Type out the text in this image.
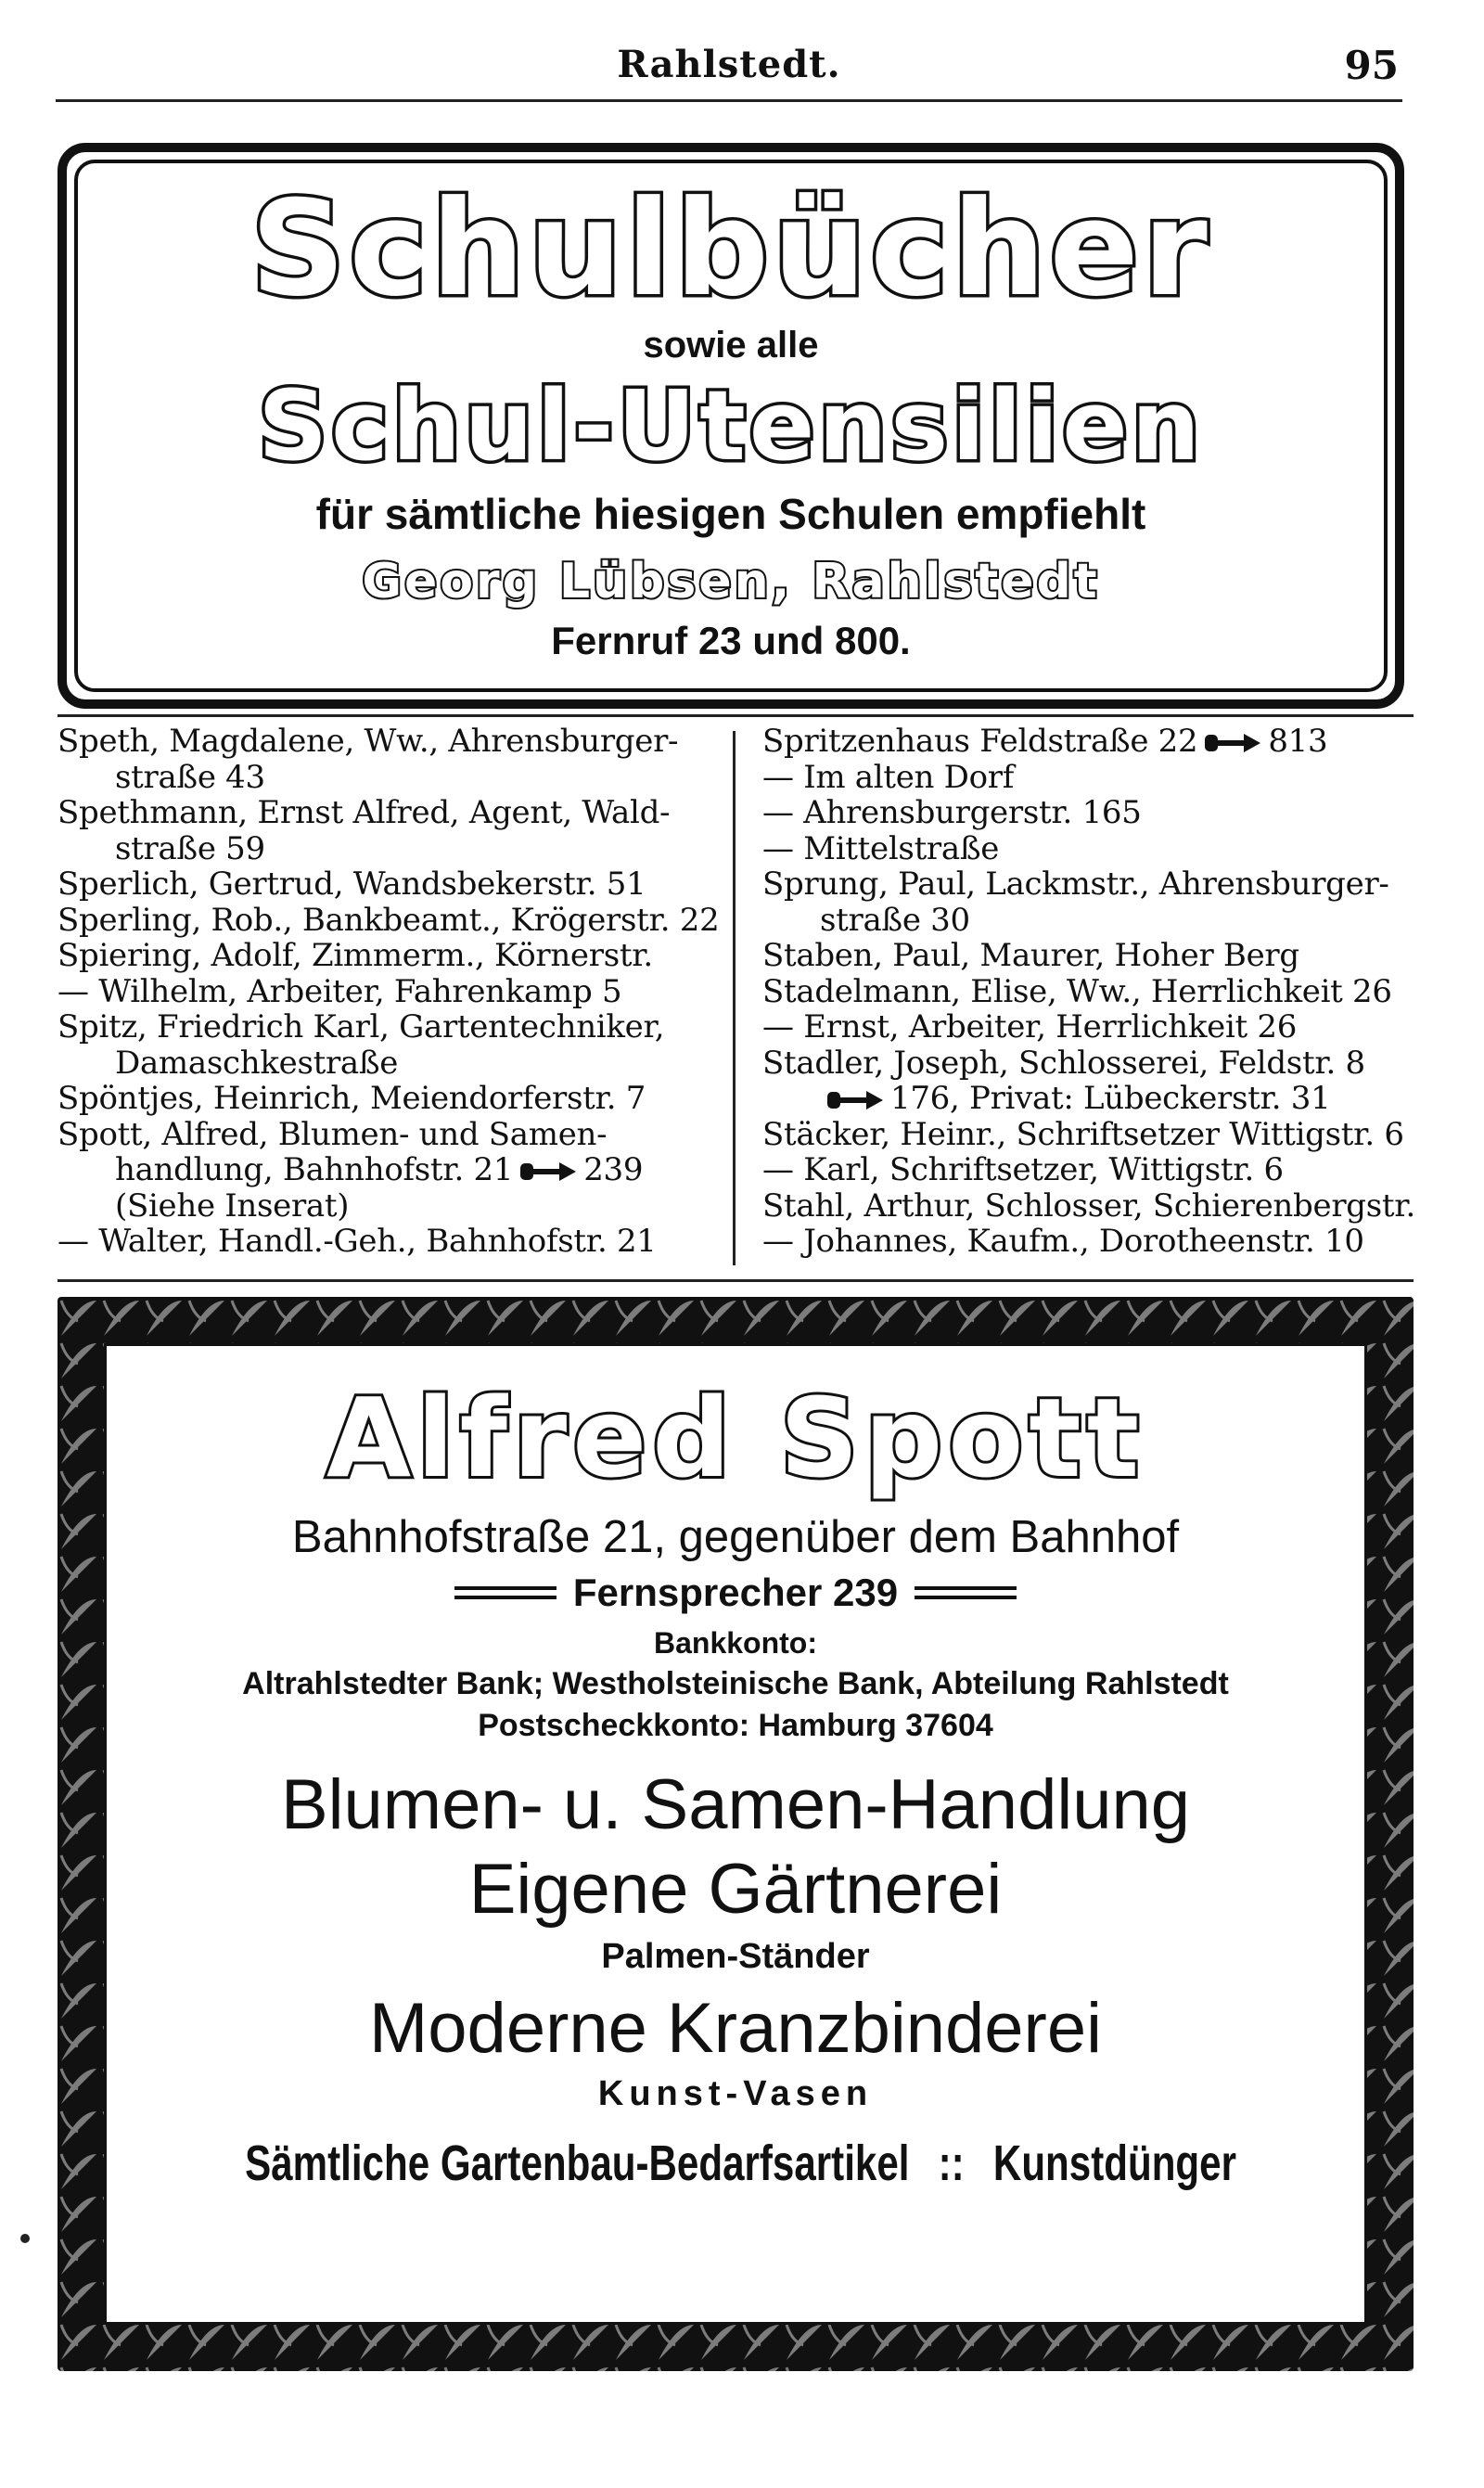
Rahlstedt.	95
Schulbücher
sowie alle
Schul-Utensilien
für sämtliche hiesigen Schulen empfiehlt
Georg Lübsen, Rahlstedt
Fernruf 23 und 800.
Speth, Magdalene, Ww., Ahrensburger-
straße 43
Spethmann, Ernst Alfred, Agent, Wald-
straße 59
Sperlich, Gertrud, Wandsbekerstr. 51
Sperling, Rob., Bankbeamt., Krögerstr. 22
Spiering, Adolf, Zimmerm., Körnerstr.
— Wilhelm, Arbeiter, Fahrenkamp 5
Spitz, Friedrich Karl, Gartentechniker,
Damaschkestraße
Spöntjes, Heinrich, Meiendorferstr. 7
Spott, Alfred, Blumen- und Samen-
handlung, Bahnhofstr. 21 239
(Siehe Inserat)
— Walter, Handl.-Geh., Bahnhofstr. 21
Spritzenhaus Feldstraße 22 813
— Im alten Dorf
— Ahrensburgerstr. 165
— Mittelstraße
Sprung, Paul, Lackmstr., Ahrensburger-
straße 30
Staben, Paul, Maurer, Hoher Berg
Stadelmann, Elise, Ww., Herrlichkeit 26
— Ernst, Arbeiter, Herrlichkeit 26
Stadler, Joseph, Schlosserei, Feldstr. 8
176, Privat: Lübeckerstr. 31
Stäcker, Heinr., Schriftsetzer Wittigstr. 6
— Karl, Schriftsetzer, Wittigstr. 6
Stahl, Arthur, Schlosser, Schierenbergstr.
— Johannes, Kaufm., Dorotheenstr. 10
Alfred Spott
Bahnhofstraße 21, gegenüber dem Bahnhof
Fernsprecher 239
Bankkonto:
Altrahlstedter Bank; Westholsteinische Bank, Abteilung Rahlstedt
Postscheckkonto: Hamburg 37604
Blumen- u. Samen-Handlung
Eigene Gärtnerei
Palmen-Ständer
Moderne Kranzbinderei
Kunst-Vasen
Sämtliche Gartenbau-Bedarfsartikel :: Kunstdünger
